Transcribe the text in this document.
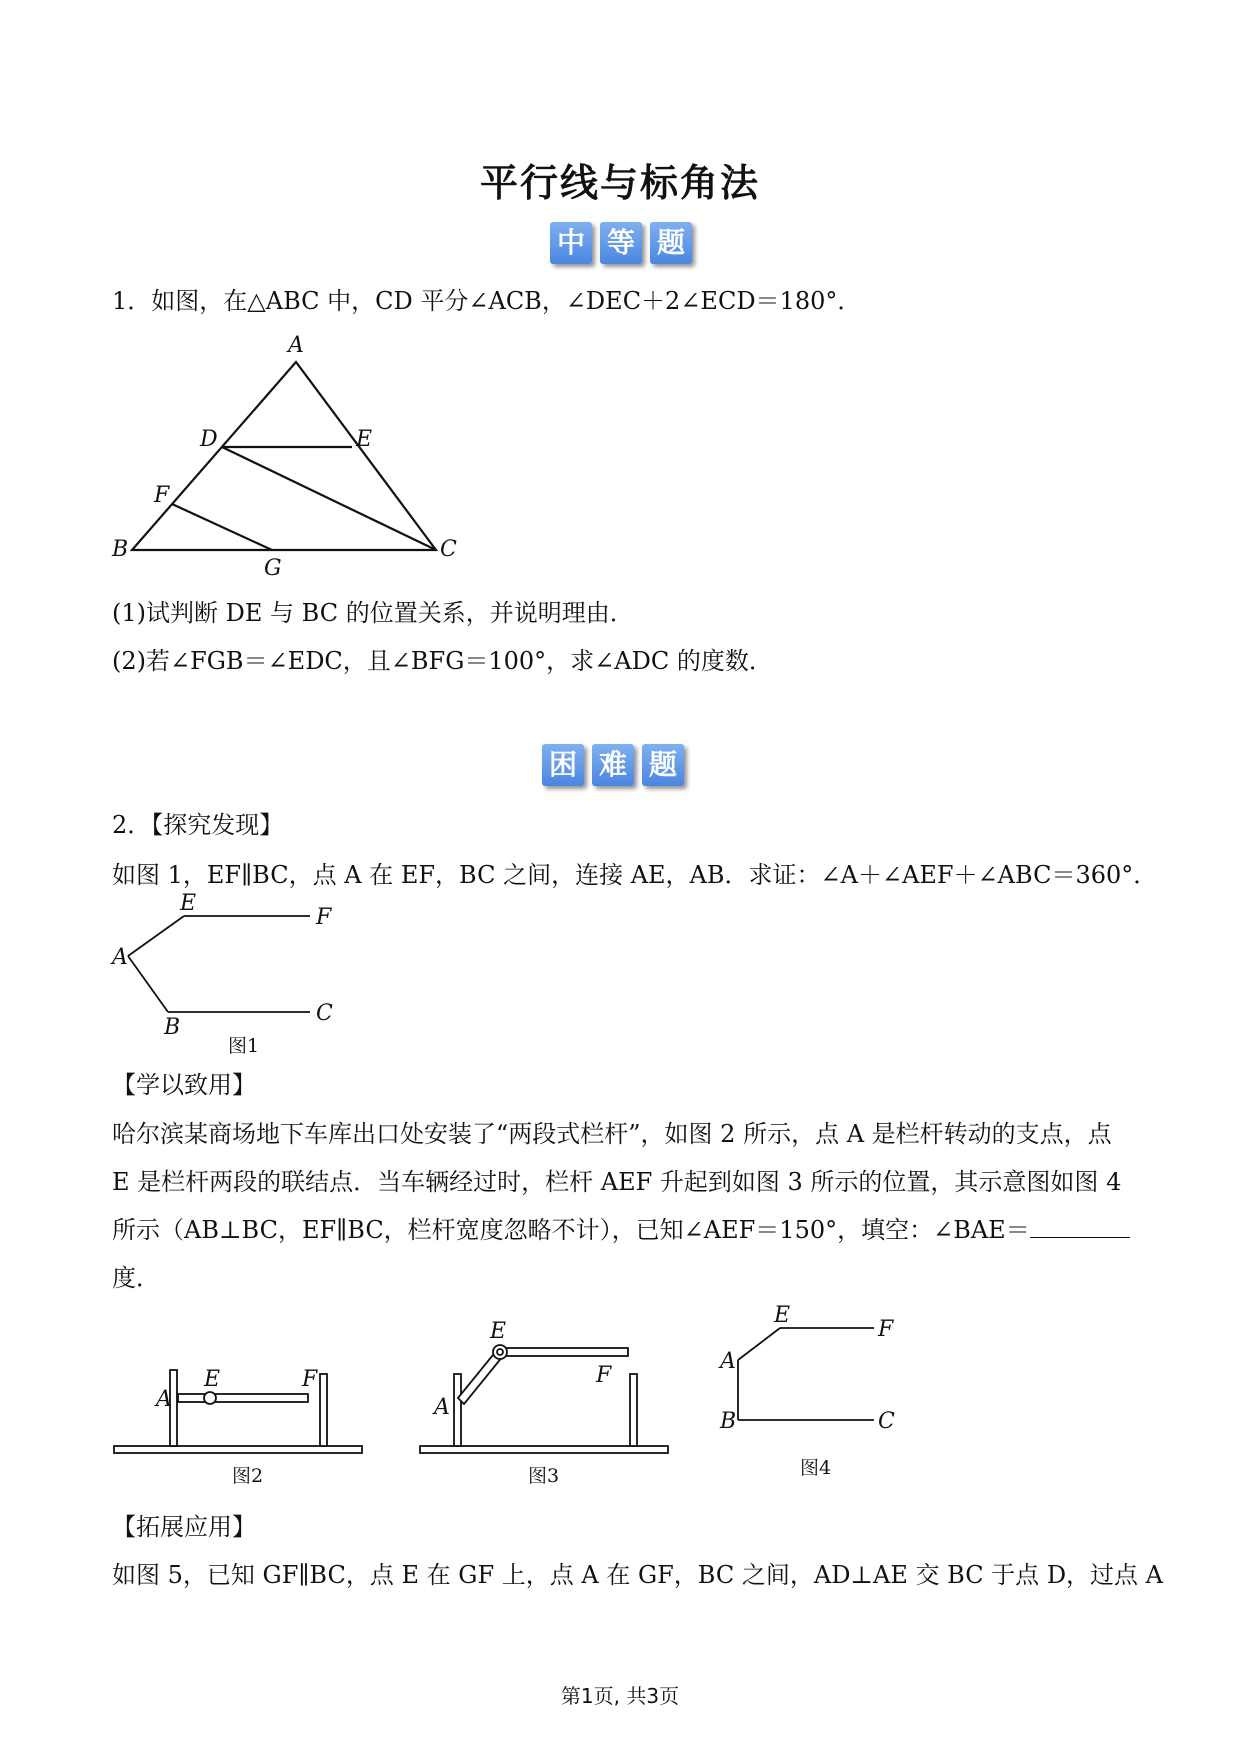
平行线与标角法
中 等 题
1．如图，在△ABC 中，CD 平分∠ACB，∠DEC＋2∠ECD＝180°．
A
D	E
F
B
G
C
(1)试判断 DE 与 BC 的位置关系，并说明理由．
(2)若∠FGB＝∠EDC，且∠BFG＝100°，求∠ADC 的度数．
困 难 题
2．【探究发现】
如图 1，EF∥BC，点 A 在 EF，BC 之间，连接 AE，AB．求证：∠A＋∠AEF＋∠ABC＝360°．
E
F
A
B
C
图1
【学以致用】
哈尔滨某商场地下车库出口处安装了“两段式栏杆”，如图 2 所示，点 A 是栏杆转动的支点，点 E 是栏杆两段的联结点．当车辆经过时，栏杆 AEF 升起到如图 3 所示的位置，其示意图如图 4 所示（AB⊥BC，EF∥BC，栏杆宽度忽略不计），已知∠AEF＝150°，填空：∠BAE＝
度．
A
E	F
图2
E
F
A
图3
E
F
A
B	C
图4
【拓展应用】
如图 5，已知 GF∥BC，点 E 在 GF 上，点 A 在 GF，BC 之间，AD⊥AE 交 BC 于点 D，过点 A
第1页, 共3页
